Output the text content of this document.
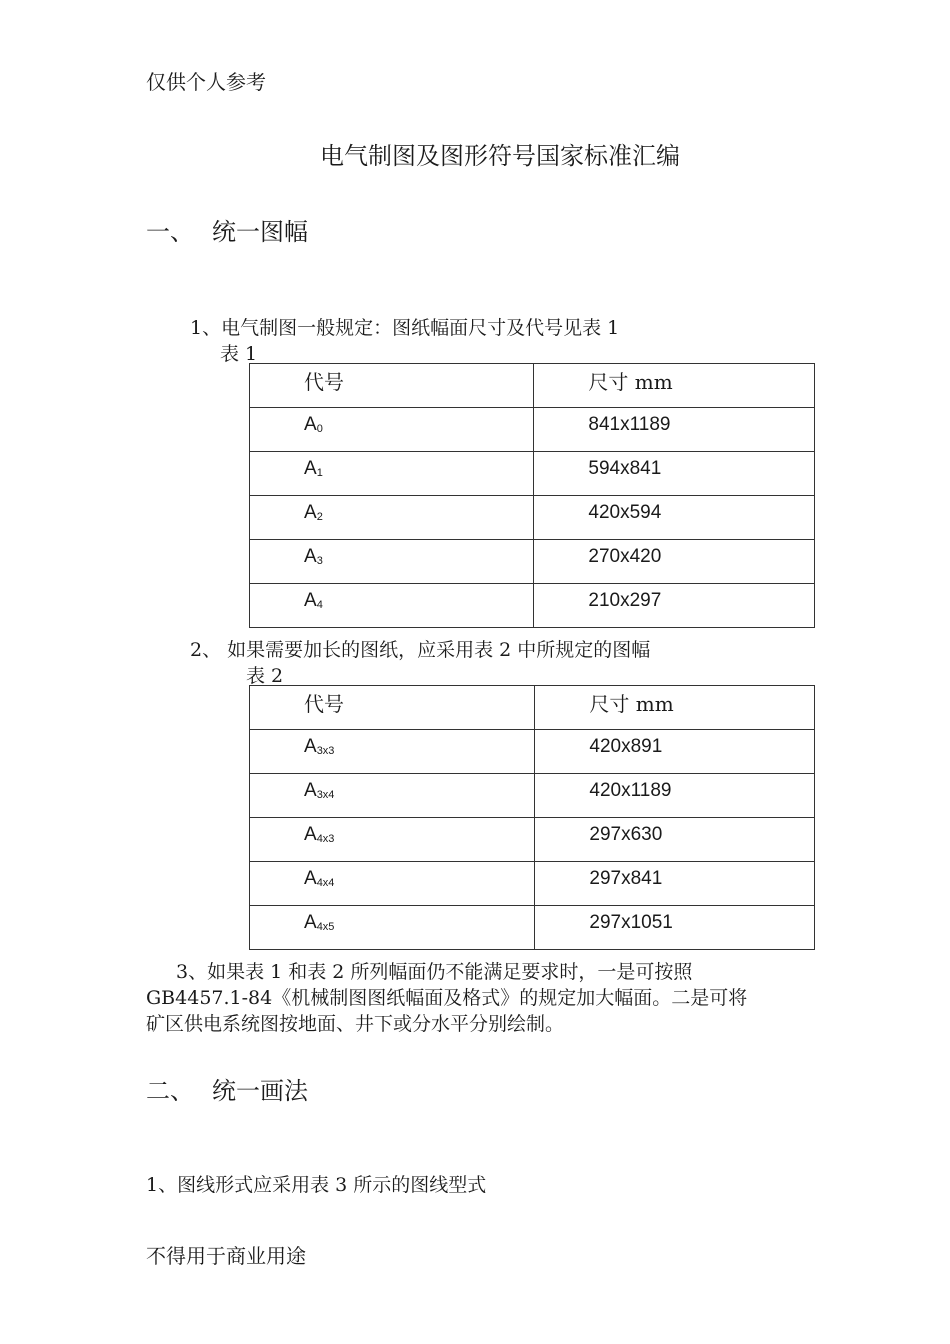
仅供个人参考
电气制图及图形符号国家标准汇编
一、 统一图幅
1、电气制图一般规定：图纸幅面尺寸及代号见表 1
表 1
代号	尺寸 mm
$A_0$	841x1189
$A_1$	594x841
$A_2$	420x594
$A_3$	270x420
$A_4$	210x297
2、 如果需要加长的图纸，应采用表 2 中所规定的图幅
表 2
代号	尺寸 mm
$A_{3x3}$	420x891
$A_{3x4}$	420x1189
$A_{4x3}$	297x630
$A_{4x4}$	297x841
$A_{4x5}$	297x1051
3、如果表 1 和表 2 所列幅面仍不能满足要求时，一是可按照
GB4457.1-84《机械制图图纸幅面及格式》的规定加大幅面。二是可将
矿区供电系统图按地面、井下或分水平分别绘制。
二、 统一画法
1、图线形式应采用表 3 所示的图线型式
不得用于商业用途
